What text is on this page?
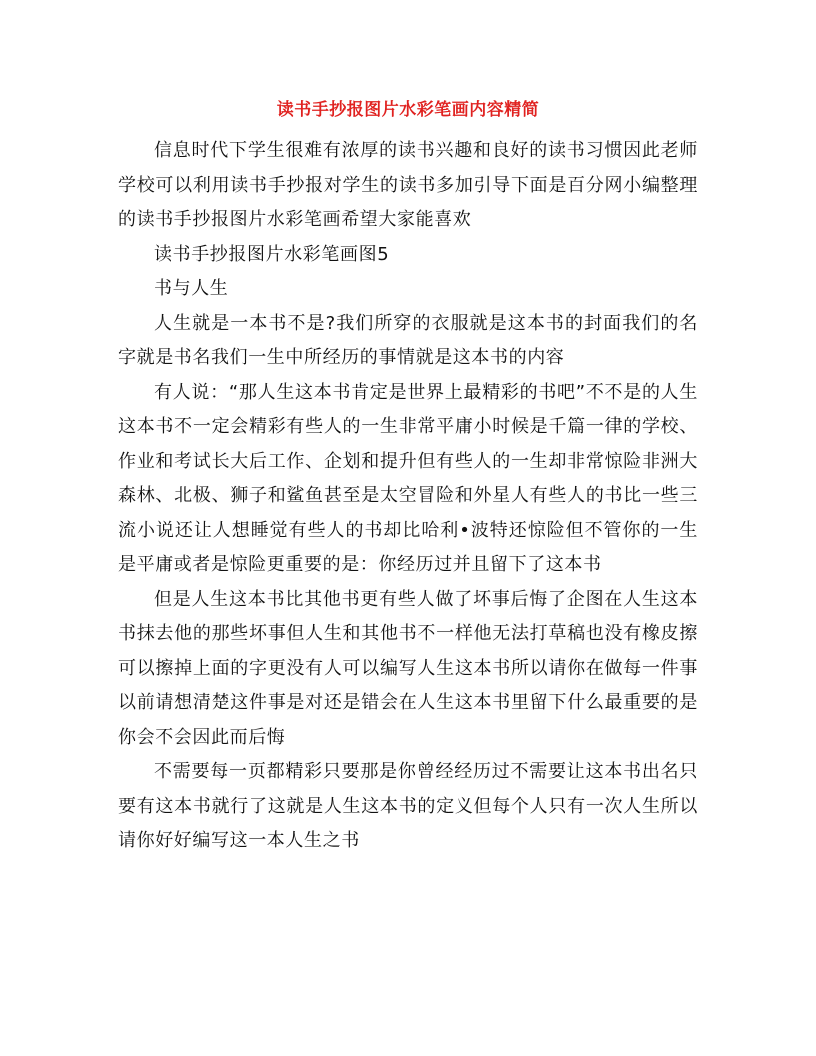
读书手抄报图片水彩笔画内容精简

信息时代下学生很难有浓厚的读书兴趣和良好的读书习惯因此老师学校可以利用读书手抄报对学生的读书多加引导下面是百分网小编整理的读书手抄报图片水彩笔画希望大家能喜欢

读书手抄报图片水彩笔画图5

书与人生

人生就是一本书不是?我们所穿的衣服就是这本书的封面我们的名字就是书名我们一生中所经历的事情就是这本书的内容

有人说：“那人生这本书肯定是世界上最精彩的书吧”不不是的人生这本书不一定会精彩有些人的一生非常平庸小时候是千篇一律的学校、作业和考试长大后工作、企划和提升但有些人的一生却非常惊险非洲大森林、北极、狮子和鲨鱼甚至是太空冒险和外星人有些人的书比一些三流小说还让人想睡觉有些人的书却比哈利•波特还惊险但不管你的一生是平庸或者是惊险更重要的是：你经历过并且留下了这本书

但是人生这本书比其他书更有些人做了坏事后悔了企图在人生这本书抹去他的那些坏事但人生和其他书不一样他无法打草稿也没有橡皮擦可以擦掉上面的字更没有人可以编写人生这本书所以请你在做每一件事以前请想清楚这件事是对还是错会在人生这本书里留下什么最重要的是你会不会因此而后悔

不需要每一页都精彩只要那是你曾经经历过不需要让这本书出名只要有这本书就行了这就是人生这本书的定义但每个人只有一次人生所以请你好好编写这一本人生之书
